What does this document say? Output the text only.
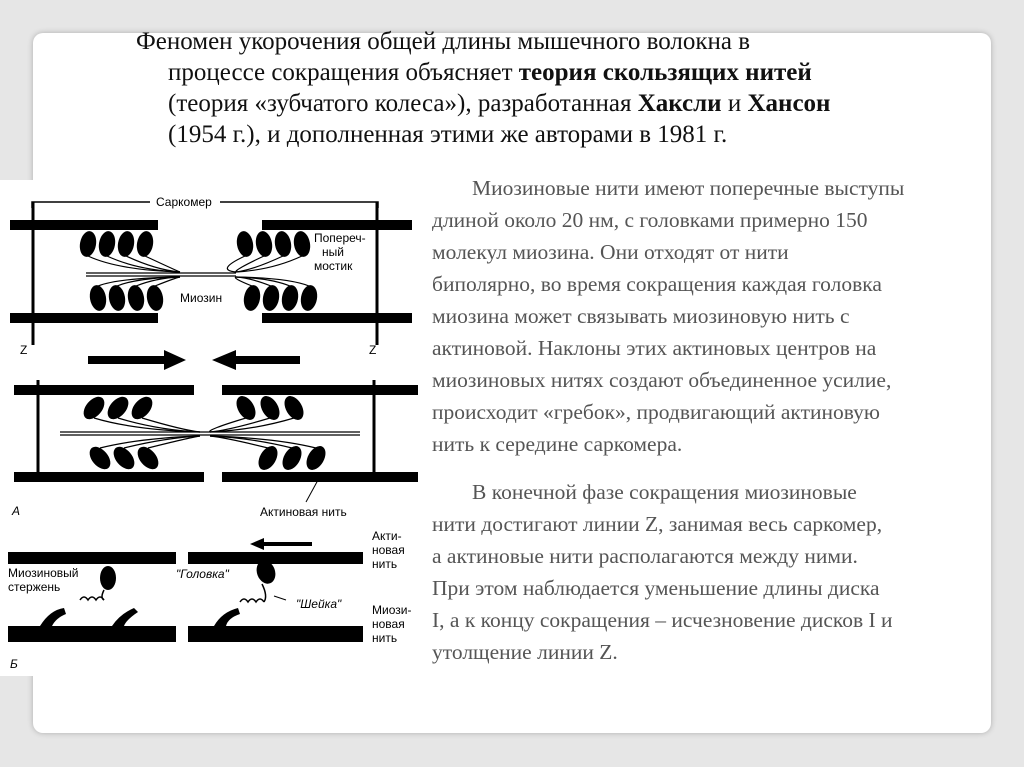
Феномен укорочения общей длины мышечного волокна в
процессе сокращения объясняет теория скользящих нитей
(теория «зубчатого колеса»), разработанная Хаксли и Хансон
(1954 г.), и дополненная этими же авторами в 1981 г.
Саркомер
Попереч-
ный
мостик
Миозин
Z	Z
А	Актиновая нить
Миозиновый
стержень
"Головка"
"Шейка"
Акти-
новая
нить
Миози-
новая
нить
Б
Миозиновые нити имеют поперечные выступы
длиной около 20 нм, с головками примерно 150
молекул миозина. Они отходят от нити
биполярно, во время сокращения каждая головка
миозина может связывать миозиновую нить с
актиновой. Наклоны этих актиновых центров на
миозиновых нитях создают объединенное усилие,
происходит «гребок», продвигающий актиновую
нить к середине саркомера.
В конечной фазе сокращения миозиновые
нити достигают линии Z, занимая весь саркомер,
а актиновые нити располагаются между ними.
При этом наблюдается уменьшение длины диска
I, а к концу сокращения – исчезновение дисков I и
утолщение линии Z.
